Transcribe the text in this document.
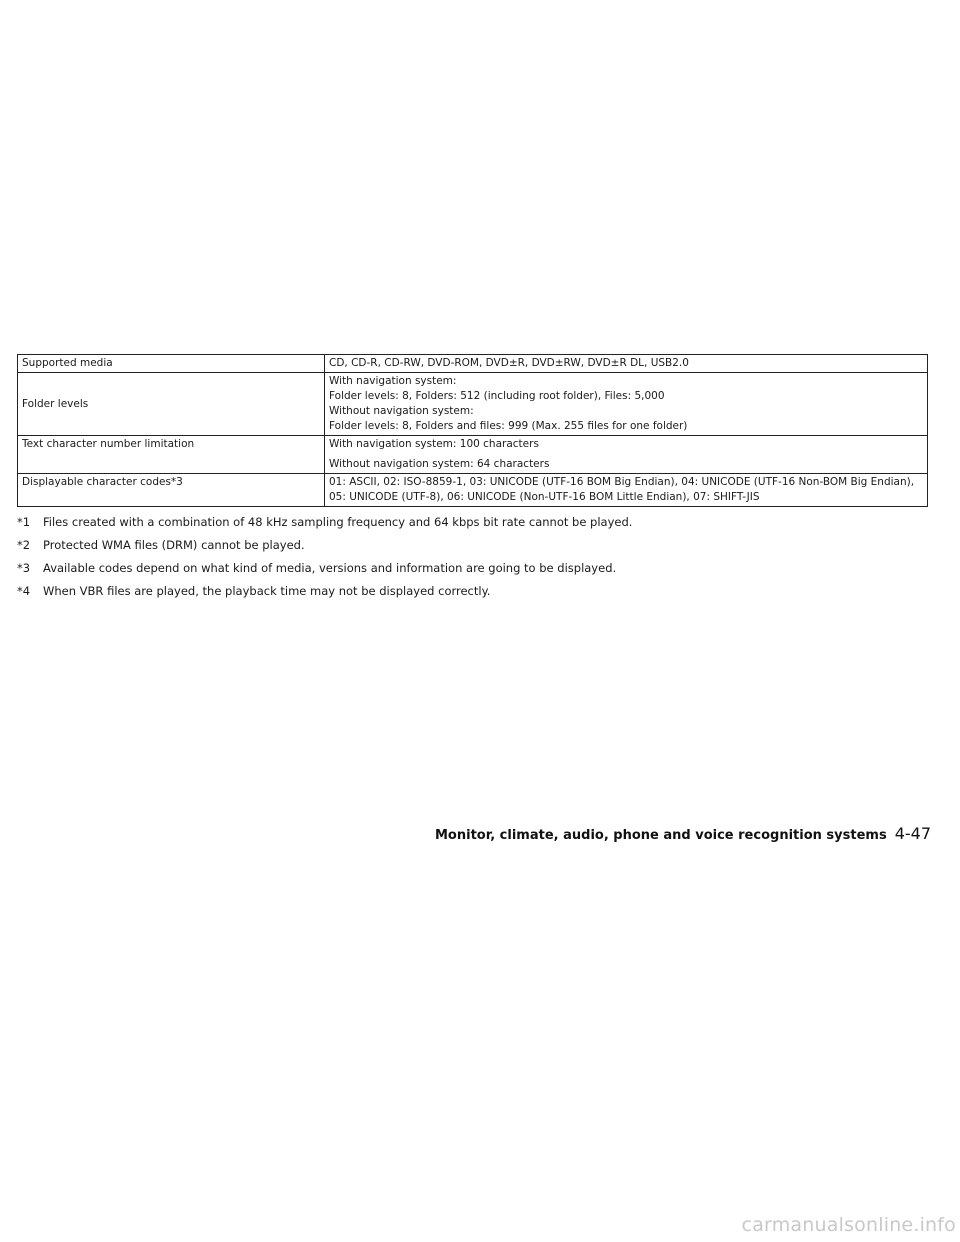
Supported media	CD, CD-R, CD-RW, DVD-ROM, DVD±R, DVD±RW, DVD±R DL, USB2.0

Folder levels	With navigation system:
Folder levels: 8, Folders: 512 (including root folder), Files: 5,000
Without navigation system:
Folder levels: 8, Folders and files: 999 (Max. 255 files for one folder)

Text character number limitation	With navigation system: 100 characters
Without navigation system: 64 characters

Displayable character codes*3	01: ASCII, 02: ISO-8859-1, 03: UNICODE (UTF-16 BOM Big Endian), 04: UNICODE (UTF-16 Non-BOM Big Endian), 05: UNICODE (UTF-8), 06: UNICODE (Non-UTF-16 BOM Little Endian), 07: SHIFT-JIS
*1 Files created with a combination of 48 kHz sampling frequency and 64 kbps bit rate cannot be played.
*2 Protected WMA files (DRM) cannot be played.
*3 Available codes depend on what kind of media, versions and information are going to be displayed.
*4 When VBR files are played, the playback time may not be displayed correctly.
Monitor, climate, audio, phone and voice recognition systems 4-47
carmanualsonline.info
